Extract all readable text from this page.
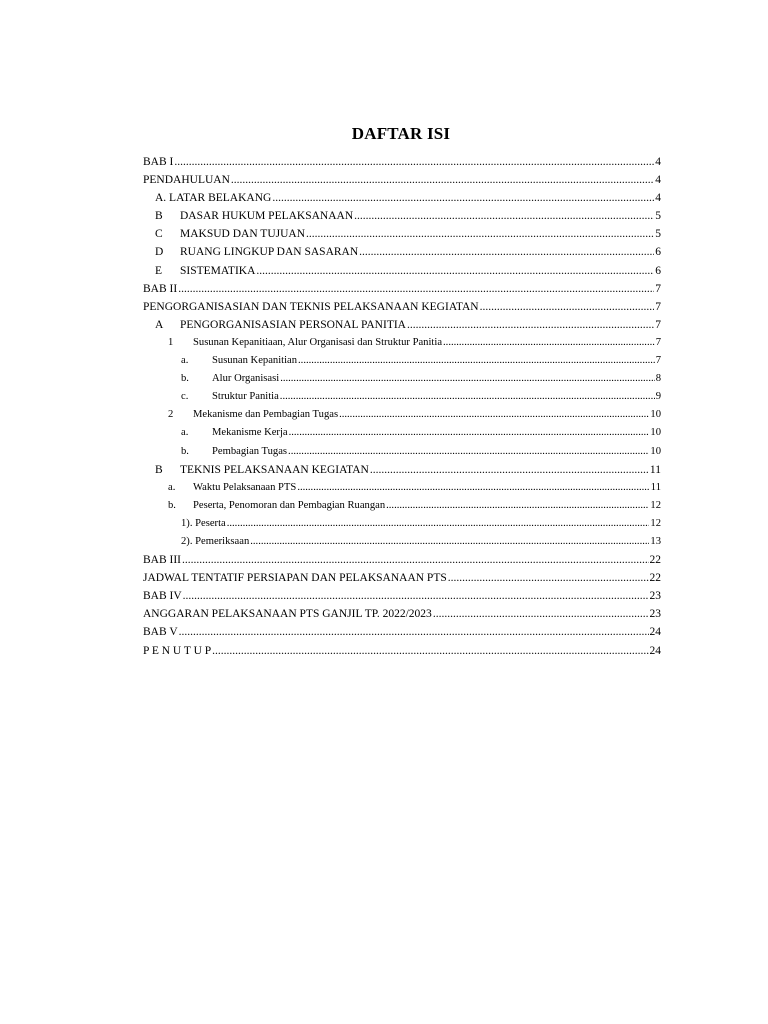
DAFTAR ISI
BAB I .....	4
PENDAHULUAN .....	4
A. LATAR BELAKANG .....	4
B	DASAR HUKUM PELAKSANAAN .....	5
C	MAKSUD DAN TUJUAN .....	5
D	RUANG LINGKUP DAN SASARAN .....	6
E	SISTEMATIKA .....	6
BAB II .....	7
PENGORGANISASIAN DAN TEKNIS PELAKSANAAN KEGIATAN .....	7
A	PENGORGANISASIAN PERSONAL PANITIA .....	7
1	Susunan Kepanitiaan, Alur Organisasi dan Struktur Panitia .....	7
a.	Susunan Kepanitian .....	7
b.	Alur Organisasi .....	8
c.	Struktur Panitia .....	9
2	Mekanisme dan Pembagian Tugas .....	10
a.	Mekanisme Kerja .....	10
b.	Pembagian Tugas .....	10
B	TEKNIS PELAKSANAAN KEGIATAN .....	11
a.	Waktu Pelaksanaan PTS .....	11
b.	Peserta, Penomoran dan Pembagian Ruangan .....	12
1). Peserta .....	12
2). Pemeriksaan .....	13
BAB III .....	22
JADWAL TENTATIF PERSIAPAN DAN PELAKSANAAN PTS .....	22
BAB IV .....	23
ANGGARAN PELAKSANAAN PTS GANJIL TP. 2022/2023 .....	23
BAB V .....	24
P E N U T U P .....	24
